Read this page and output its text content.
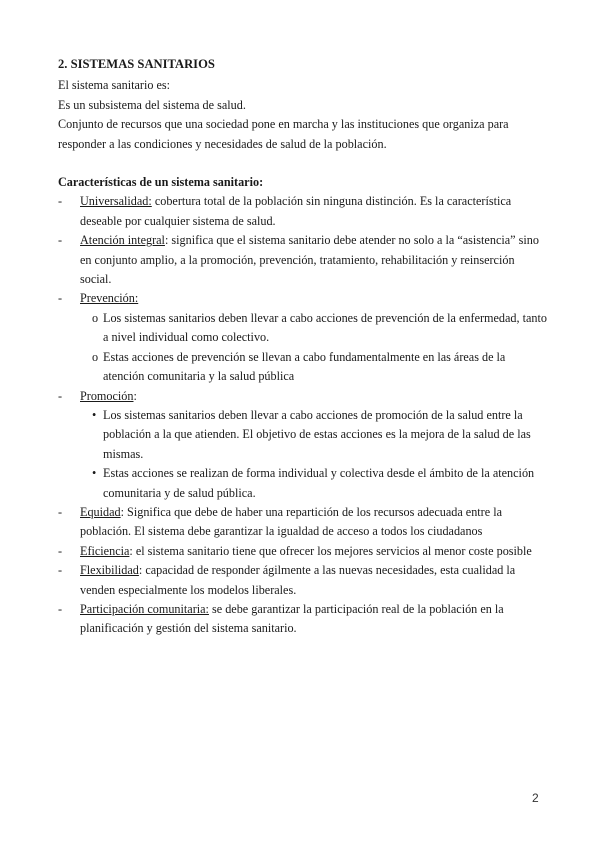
2. SISTEMAS SANITARIOS

El sistema sanitario es:

Es un subsistema del sistema de salud.

Conjunto de recursos que una sociedad pone en marcha y las instituciones que organiza para responder a las condiciones y necesidades de salud de la población.

Características de un sistema sanitario:

- Universalidad: cobertura total de la población sin ninguna distinción. Es la característica deseable por cualquier sistema de salud.
- Atención integral: significa que el sistema sanitario debe atender no solo a la “asistencia” sino en conjunto amplio, a la promoción, prevención, tratamiento, rehabilitación y reinserción social.
- Prevención:
o Los sistemas sanitarios deben llevar a cabo acciones de prevención de la enfermedad, tanto a nivel individual como colectivo.
o Estas acciones de prevención se llevan a cabo fundamentalmente en las áreas de la atención comunitaria y la salud pública
- Promoción:
• Los sistemas sanitarios deben llevar a cabo acciones de promoción de la salud entre la población a la que atienden. El objetivo de estas acciones es la mejora de la salud de las mismas.
• Estas acciones se realizan de forma individual y colectiva desde el ámbito de la atención comunitaria y de salud pública.
- Equidad: Significa que debe de haber una repartición de los recursos adecuada entre la población. El sistema debe garantizar la igualdad de acceso a todos los ciudadanos
- Eficiencia: el sistema sanitario tiene que ofrecer los mejores servicios al menor coste posible
- Flexibilidad: capacidad de responder ágilmente a las nuevas necesidades, esta cualidad la venden especialmente los modelos liberales.
- Participación comunitaria: se debe garantizar la participación real de la población en la planificación y gestión del sistema sanitario.
2
